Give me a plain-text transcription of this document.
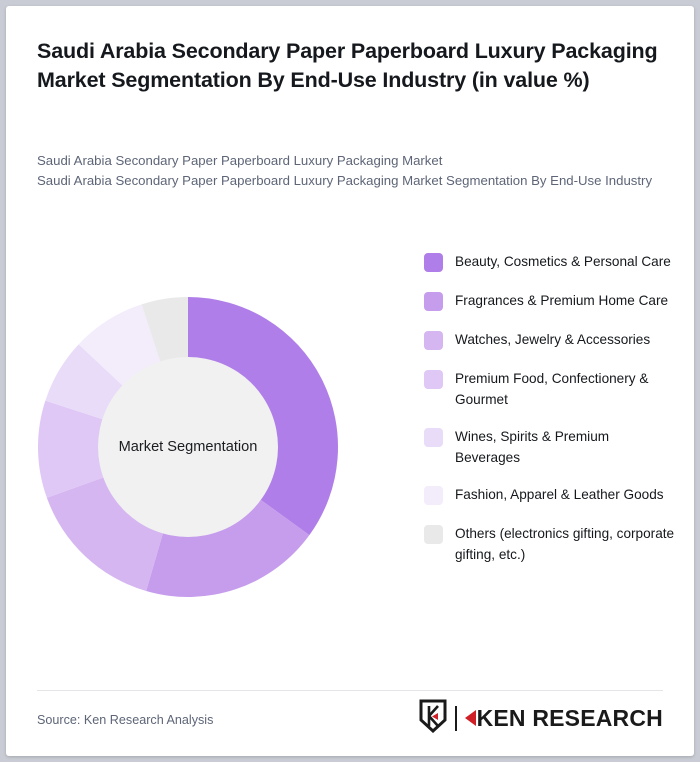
Saudi Arabia Secondary Paper Paperboard Luxury Packaging Market Segmentation By End-Use Industry (in value %)
Saudi Arabia Secondary Paper Paperboard Luxury Packaging Market
Saudi Arabia Secondary Paper Paperboard Luxury Packaging Market Segmentation By End-Use Industry
Market Segmentation
Beauty, Cosmetics & Personal Care
Fragrances & Premium Home Care
Watches, Jewelry & Accessories
Premium Food, Confectionery & Gourmet
Wines, Spirits & Premium Beverages
Fashion, Apparel & Leather Goods
Others (electronics gifting, corporate gifting, etc.)
Source: Ken Research Analysis	KEN RESEARCH
